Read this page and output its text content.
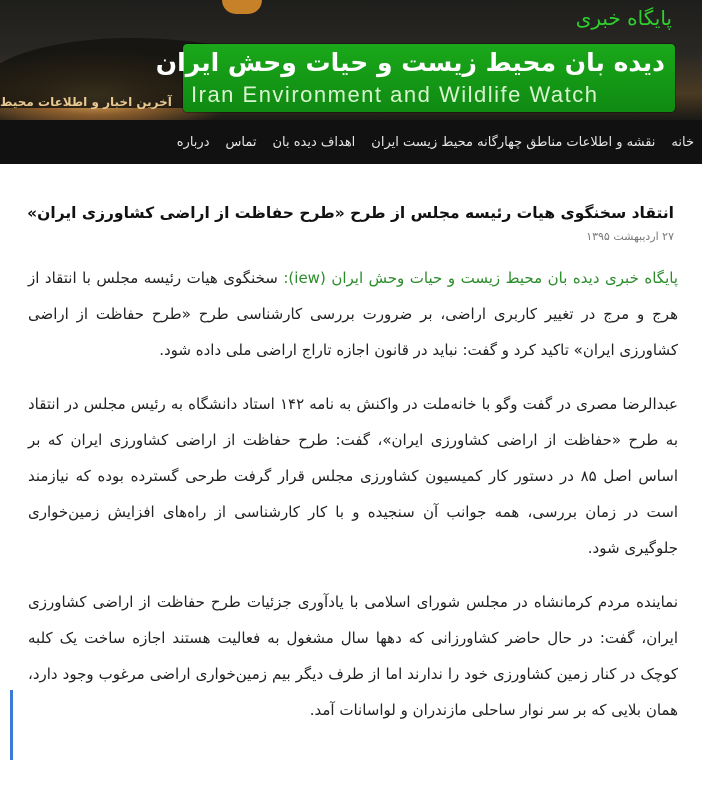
پایگاه خبری
دیده بان محیط زیست و حیات وحش ایران
Iran Environment and Wildlife Watch
آخرین اخبار و اطلاعات محیط
خانه
نقشه و اطلاعات مناطق چهارگانه محیط زیست ایران
اهداف دیده بان
تماس
درباره
انتقاد سخنگوی هیات رئیسه مجلس از طرح «طرح حفاظت از اراضی کشاورزی ایران»
۲۷ اردیبهشت ۱۳۹۵

پایگاه خبری دیده بان محیط زیست و حیات وحش ایران (iew): سخنگوی هیات رئیسه مجلس با انتقاد از هرج و مرج در تغییر کاربری اراضی، بر ضرورت بررسی کارشناسی طرح «طرح حفاظت از اراضی کشاورزی ایران» تاکید کرد و گفت: نباید در قانون اجازه تاراج اراضی ملی داده شود.

عبدالرضا مصری در گفت وگو با خانه‌ملت در واکنش به نامه ۱۴۲ استاد دانشگاه به رئیس مجلس در انتقاد به طرح «حفاظت از اراضی کشاورزی ایران»، گفت: طرح حفاظت از اراضی کشاورزی ایران که بر اساس اصل ۸۵ در دستور کار کمیسیون کشاورزی مجلس قرار گرفت طرحی گسترده بوده که نیازمند است در زمان بررسی، همه جوانب آن سنجیده و با کار کارشناسی از راه‌های افزایش زمین‌خواری جلوگیری شود.

نماینده مردم کرمانشاه در مجلس شورای اسلامی با یادآوری جزئیات طرح حفاظت از اراضی کشاورزی ایران، گفت: در حال حاضر کشاورزانی که دهها سال مشغول به فعالیت هستند اجازه ساخت یک کلبه کوچک در کنار زمین کشاورزی خود را ندارند اما از طرف دیگر بیم زمین‌خواری اراضی مرغوب وجود دارد، همان بلایی که بر سر نوار ساحلی مازندران و لواسانات آمد.
